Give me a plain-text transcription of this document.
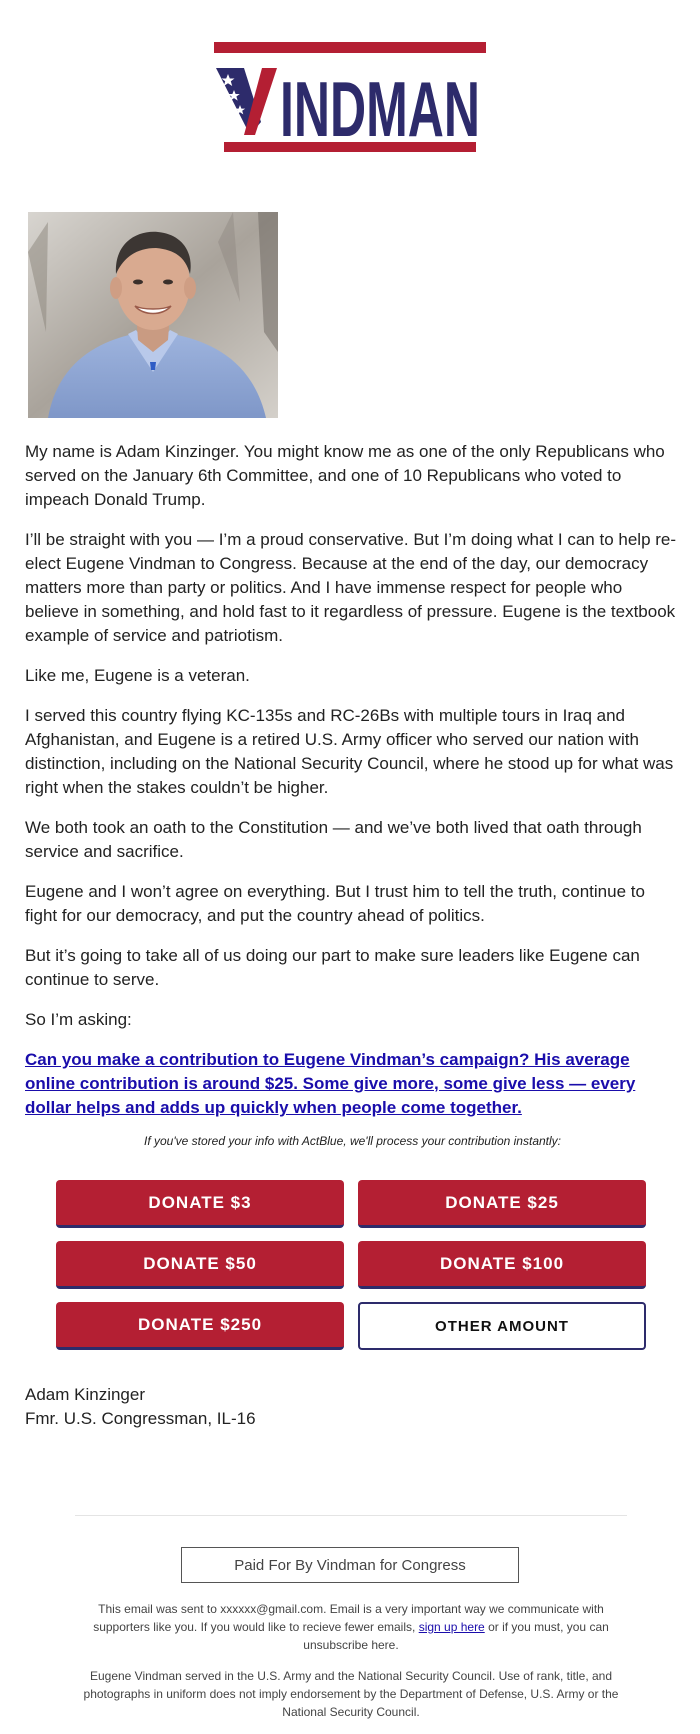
INDMAN

My name is Adam Kinzinger. You might know me as one of the only Republicans who served on the January 6th Committee, and one of 10 Republicans who voted to impeach Donald Trump.

I’ll be straight with you — I’m a proud conservative. But I’m doing what I can to help re-elect Eugene Vindman to Congress. Because at the end of the day, our democracy matters more than party or politics. And I have immense respect for people who believe in something, and hold fast to it regardless of pressure. Eugene is the textbook example of service and patriotism.

Like me, Eugene is a veteran.

I served this country flying KC-135s and RC-26Bs with multiple tours in Iraq and Afghanistan, and Eugene is a retired U.S. Army officer who served our nation with distinction, including on the National Security Council, where he stood up for what was right when the stakes couldn’t be higher.

We both took an oath to the Constitution — and we’ve both lived that oath through service and sacrifice.

Eugene and I won’t agree on everything. But I trust him to tell the truth, continue to fight for our democracy, and put the country ahead of politics.

But it’s going to take all of us doing our part to make sure leaders like Eugene can continue to serve.

So I’m asking:

Can you make a contribution to Eugene Vindman’s campaign? His average online contribution is around $25. Some give more, some give less — every dollar helps and adds up quickly when people come together.
If you've stored your info with ActBlue, we'll process your contribution instantly:
DONATE $3	DONATE $25
DONATE $50	DONATE $100
DONATE $250	OTHER AMOUNT
Adam Kinzinger
Fmr. U.S. Congressman, IL-16
Paid For By Vindman for Congress
This email was sent to xxxxxx@gmail.com. Email is a very important way we communicate with supporters like you. If you would like to recieve fewer emails, sign up here or if you must, you can unsubscribe here.
Eugene Vindman served in the U.S. Army and the National Security Council. Use of rank, title, and photographs in uniform does not imply endorsement by the Department of Defense, U.S. Army or the National Security Council.
